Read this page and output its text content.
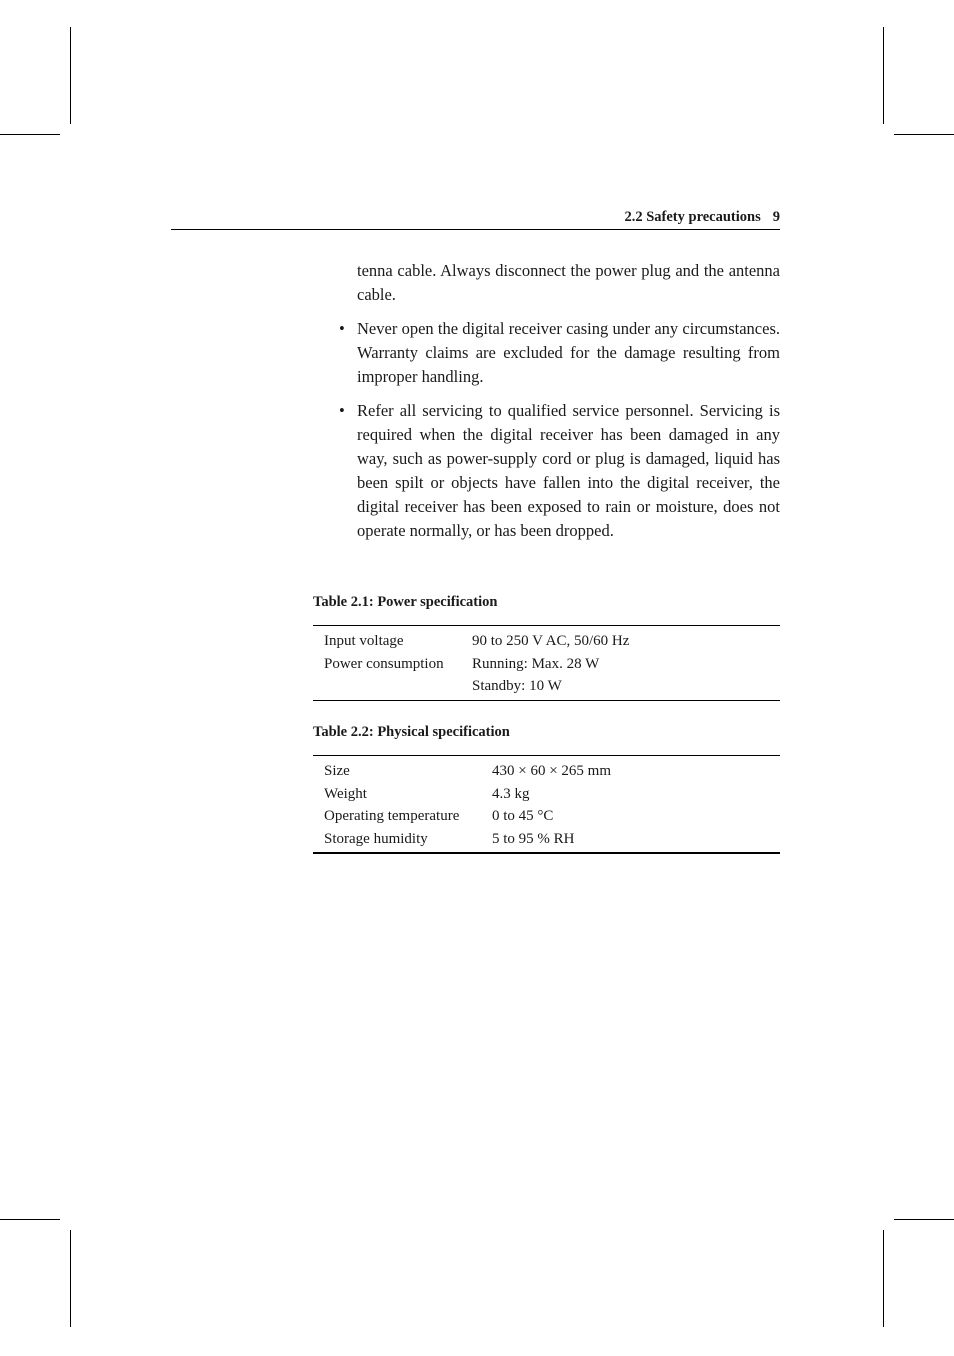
2.2 Safety precautions 9

tenna cable. Always disconnect the power plug and the antenna cable.

• Never open the digital receiver casing under any circumstances. Warranty claims are excluded for the damage resulting from improper handling.

• Refer all servicing to qualified service personnel. Servicing is required when the digital receiver has been damaged in any way, such as power-supply cord or plug is damaged, liquid has been spilt or objects have fallen into the digital receiver, the digital receiver has been exposed to rain or moisture, does not operate normally, or has been dropped.

Table 2.1: Power specification
Input voltage	90 to 250 V AC, 50/60 Hz
Power consumption	Running: Max. 28 W
Standby: 10 W
Table 2.2: Physical specification
Size	430 × 60 × 265 mm
Weight	4.3 kg
Operating temperature	0 to 45 °C
Storage humidity	5 to 95 % RH
